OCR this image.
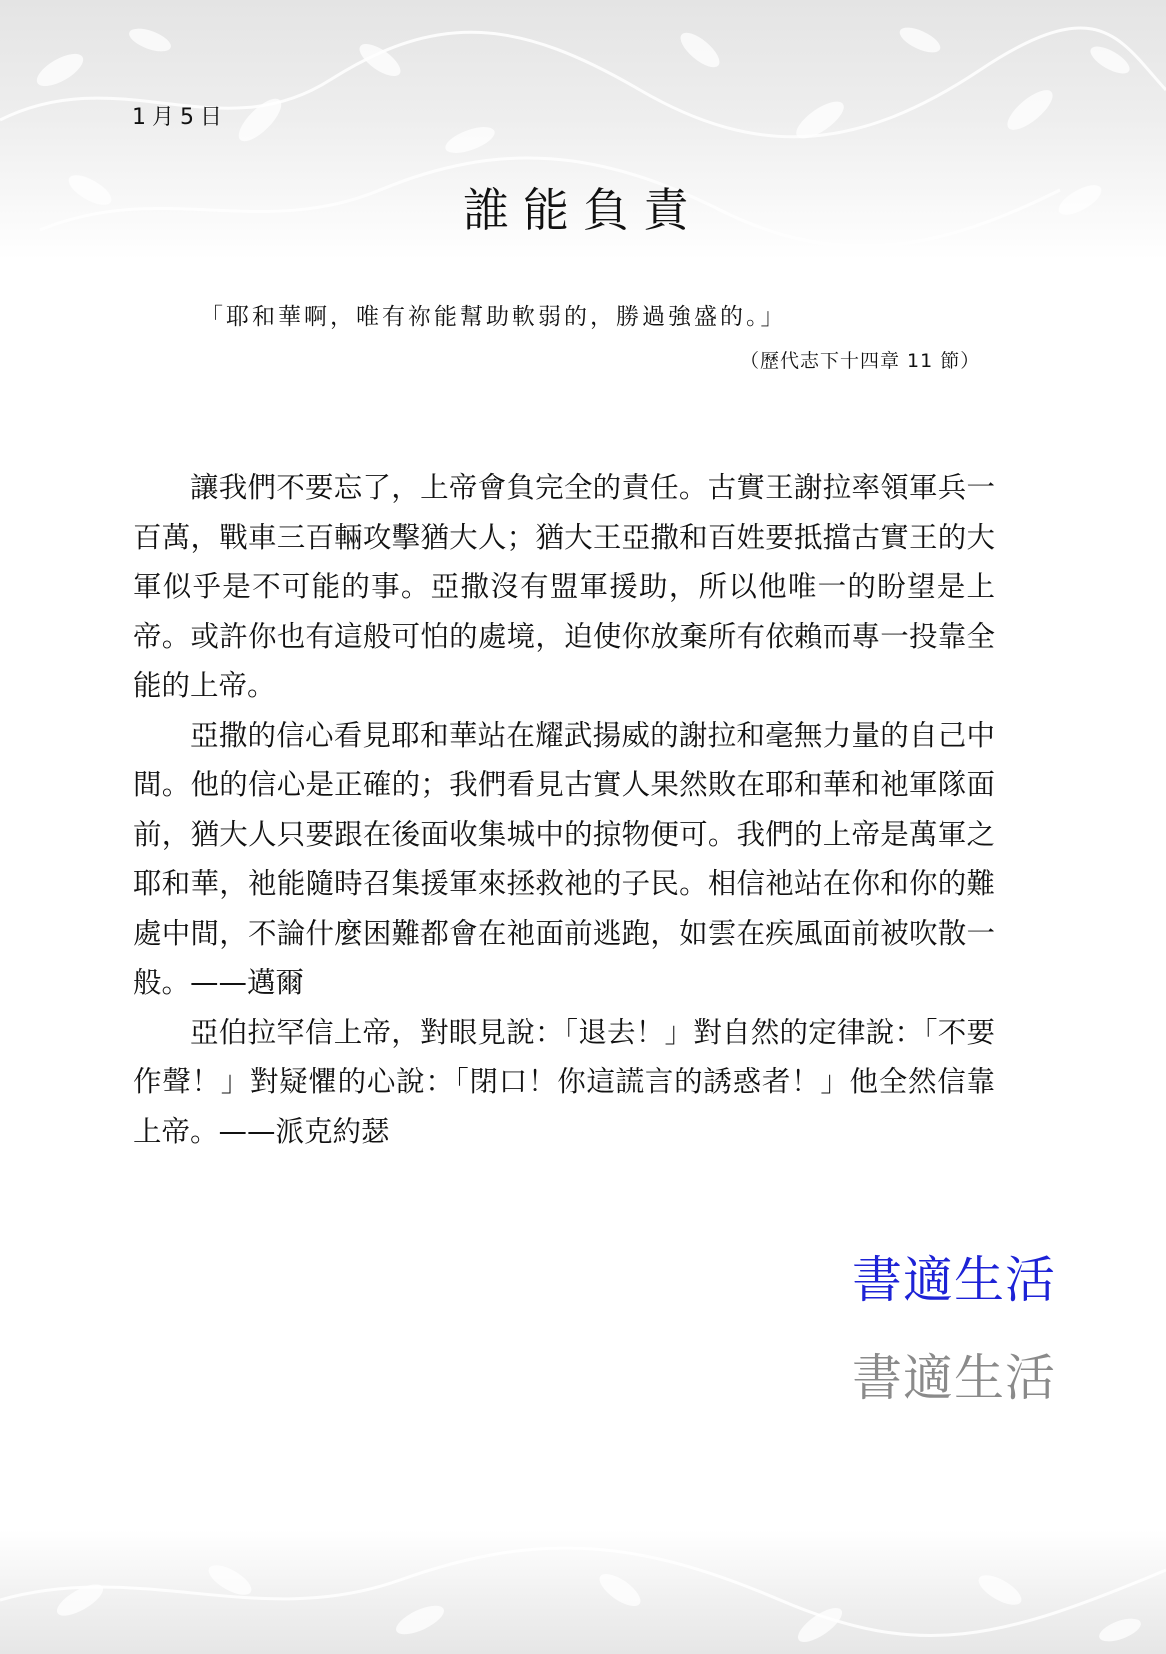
1月5日
誰能負責
「耶和華啊，唯有祢能幫助軟弱的，勝過強盛的。」
（歷代志下十四章 11 節）

讓我們不要忘了，上帝會負完全的責任。古實王謝拉率領軍兵一百萬，戰車三百輛攻擊猶大人；猶大王亞撒和百姓要抵擋古實王的大軍似乎是不可能的事。亞撒沒有盟軍援助，所以他唯一的盼望是上帝。或許你也有這般可怕的處境，迫使你放棄所有依賴而專一投靠全能的上帝。

亞撒的信心看見耶和華站在耀武揚威的謝拉和毫無力量的自己中間。他的信心是正確的；我們看見古實人果然敗在耶和華和祂軍隊面前，猶大人只要跟在後面收集城中的掠物便可。我們的上帝是萬軍之耶和華，祂能隨時召集援軍來拯救祂的子民。相信祂站在你和你的難處中間，不論什麼困難都會在祂面前逃跑，如雲在疾風面前被吹散一般。——邁爾

亞伯拉罕信上帝，對眼見說：「退去！」對自然的定律說：「不要作聲！」對疑懼的心說：「閉口！你這謊言的誘惑者！」他全然信靠上帝。——派克約瑟

書適生活
書適生活
